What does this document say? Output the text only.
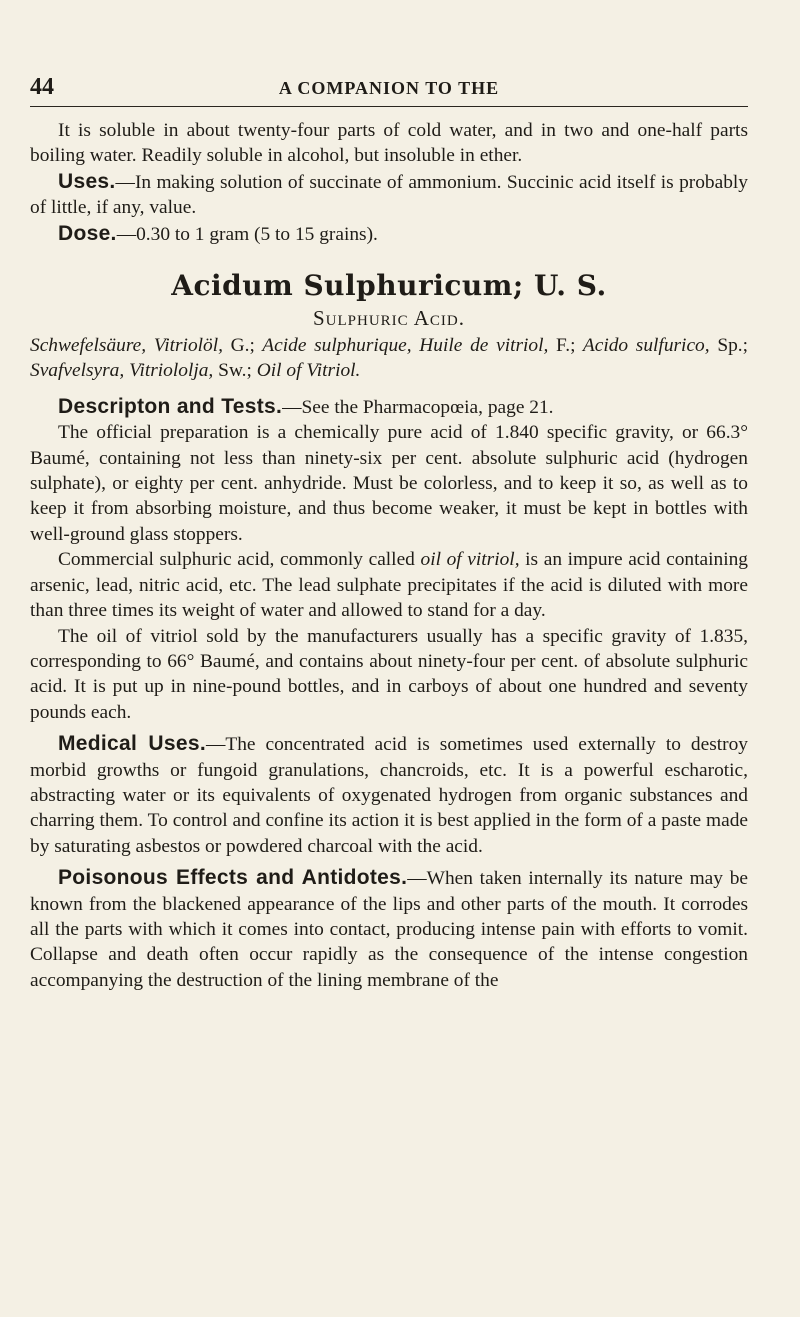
44	A COMPANION TO THE

It is soluble in about twenty-four parts of cold water, and in two and one-half parts boiling water. Readily soluble in alcohol, but insoluble in ether.

Uses.—In making solution of succinate of ammonium. Succinic acid itself is probably of little, if any, value.

Dose.—0.30 to 1 gram (5 to 15 grains).

Acidum Sulphuricum; U. S.

Sulphuric Acid.

Schwefelsäure, Vitriolöl, G.; Acide sulphurique, Huile de vitriol, F.; Acido sulfurico, Sp.; Svafvelsyra, Vitriololja, Sw.; Oil of Vitriol.

Descripton and Tests.—See the Pharmacopœia, page 21.

The official preparation is a chemically pure acid of 1.840 specific gravity, or 66.3° Baumé, containing not less than ninety-six per cent. absolute sulphuric acid (hydrogen sulphate), or eighty per cent. anhydride. Must be colorless, and to keep it so, as well as to keep it from absorbing moisture, and thus become weaker, it must be kept in bottles with well-ground glass stoppers.

Commercial sulphuric acid, commonly called oil of vitriol, is an impure acid containing arsenic, lead, nitric acid, etc. The lead sulphate precipitates if the acid is diluted with more than three times its weight of water and allowed to stand for a day.

The oil of vitriol sold by the manufacturers usually has a specific gravity of 1.835, corresponding to 66° Baumé, and contains about ninety-four per cent. of absolute sulphuric acid. It is put up in nine-pound bottles, and in carboys of about one hundred and seventy pounds each.

Medical Uses.—The concentrated acid is sometimes used externally to destroy morbid growths or fungoid granulations, chancroids, etc. It is a powerful escharotic, abstracting water or its equivalents of oxygenated hydrogen from organic substances and charring them. To control and confine its action it is best applied in the form of a paste made by saturating asbestos or powdered charcoal with the acid.

Poisonous Effects and Antidotes.—When taken internally its nature may be known from the blackened appearance of the lips and other parts of the mouth. It corrodes all the parts with which it comes into contact, producing intense pain with efforts to vomit. Collapse and death often occur rapidly as the consequence of the intense congestion accompanying the destruction of the lining membrane of the
